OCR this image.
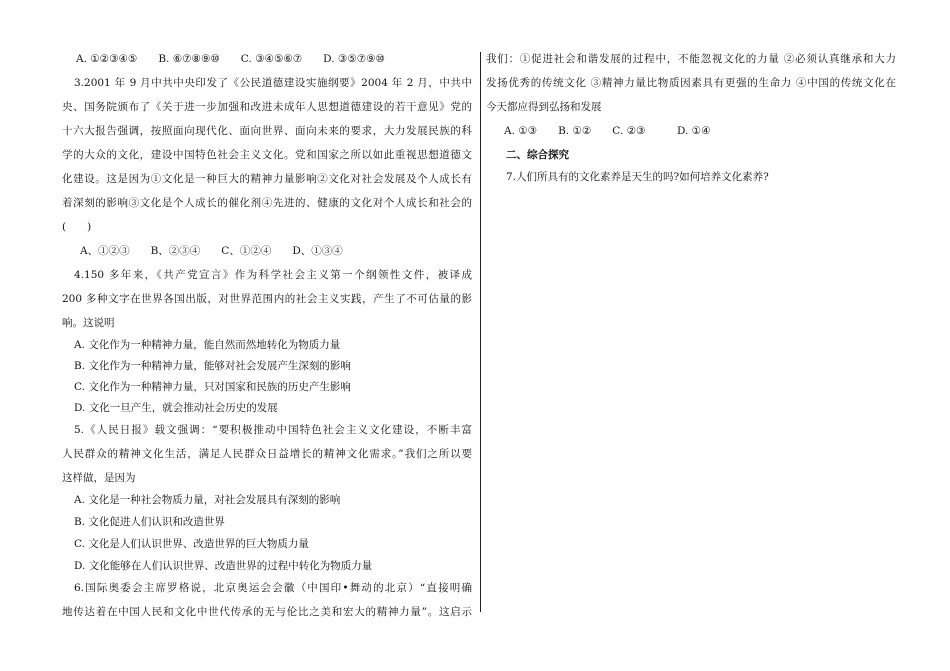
A. ①②③④⑤　　B. ⑥⑦⑧⑨⑩　　C. ③④⑤⑥⑦　　D. ③⑤⑦⑨⑩
3.2001 年 9 月中共中央印发了《公民道德建设实施纲要》2004 年 2 月，中共中
央、国务院颁布了《关于进一步加强和改进未成年人思想道德建设的若干意见》党的
十六大报告强调，按照面向现代化、面向世界、面向未来的要求，大力发展民族的科
学的大众的文化，建设中国特色社会主义文化。党和国家之所以如此重视思想道德文
化建设。这是因为①文化是一种巨大的精神力量影响②文化对社会发展及个人成长有
着深刻的影响③文化是个人成长的催化剂④先进的、健康的文化对个人成长和社会的
(　　)
A、①②③　　B、②③④　　C、①②④　　D、①③④
4.150 多年来，《共产党宣言》作为科学社会主义第一个纲领性文件，被译成
200 多种文字在世界各国出版，对世界范围内的社会主义实践，产生了不可估量的影
响。这说明
A. 文化作为一种精神力量，能自然而然地转化为物质力量
B. 文化作为一种精神力量，能够对社会发展产生深刻的影响
C. 文化作为一种精神力量，只对国家和民族的历史产生影响
D. 文化一旦产生，就会推动社会历史的发展
5.《人民日报》载文强调：“要积极推动中国特色社会主义文化建设，不断丰富
人民群众的精神文化生活，满足人民群众日益增长的精神文化需求。”我们之所以要
这样做，是因为
A. 文化是一种社会物质力量，对社会发展具有深刻的影响
B. 文化促进人们认识和改造世界
C. 文化是人们认识世界、改造世界的巨大物质力量
D. 文化能够在人们认识世界、改造世界的过程中转化为物质力量
6.国际奥委会主席罗格说，北京奥运会会徽（中国印•舞动的北京）“直接明确
地传达着在中国人民和文化中世代传承的无与伦比之美和宏大的精神力量”。这启示
我们：①促进社会和谐发展的过程中，不能忽视文化的力量 ②必须认真继承和大力
发扬优秀的传统文化 ③精神力量比物质因素具有更强的生命力 ④中国的传统文化在
今天都应得到弘扬和发展
A. ①③　　B. ①②　　C. ②③　　　D. ①④
二、综合探究
7.人们所具有的文化素养是天生的吗?如何培养文化素养?
